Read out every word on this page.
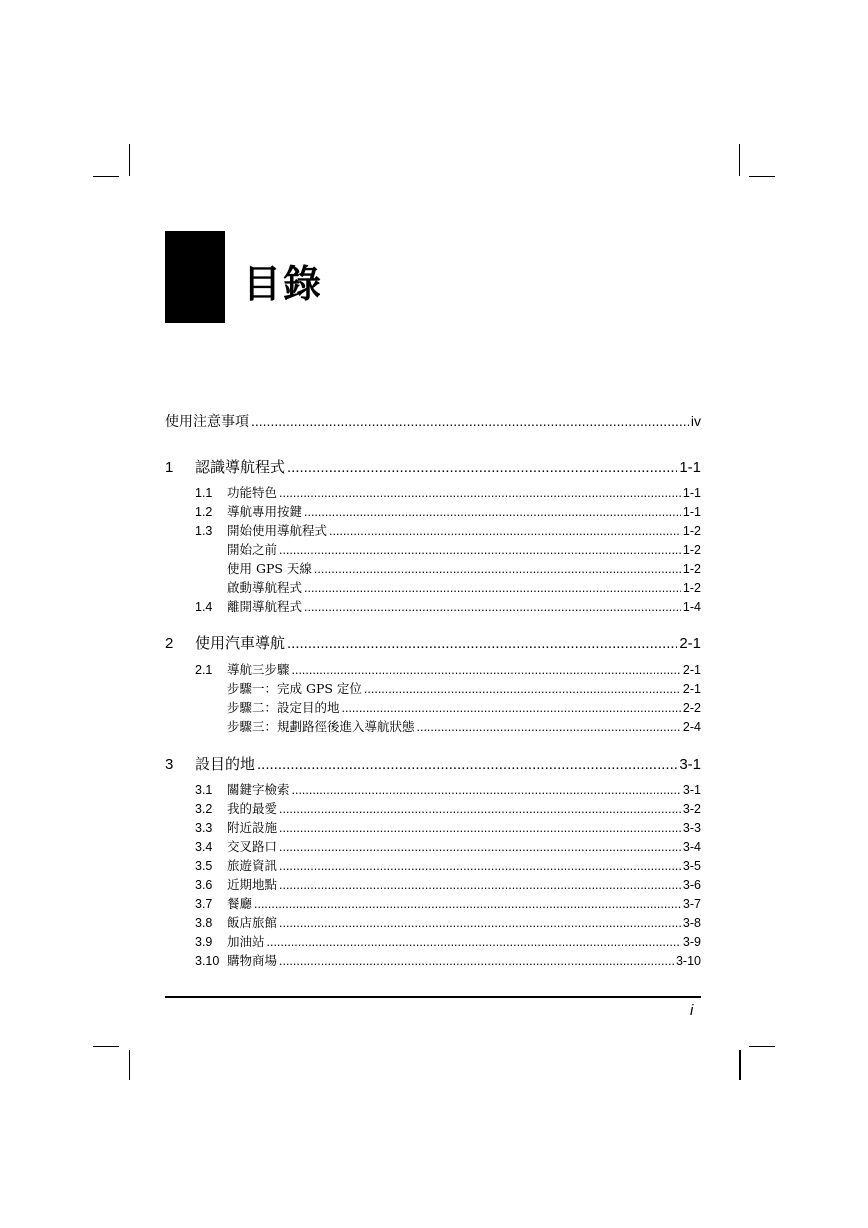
目錄
使用注意事項 .....	iv
1	認識導航程式 .....	1-1
1.1	功能特色 .....	1-1
1.2	導航專用按鍵 .....	1-1
1.3	開始使用導航程式 .....	1-2
開始之前 .....	1-2
使用 GPS 天線 .....	1-2
啟動導航程式 .....	1-2
1.4	離開導航程式 .....	1-4
2	使用汽車導航 .....	2-1
2.1	導航三步驟 .....	2-1
步驟一：完成 GPS 定位 .....	2-1
步驟二：設定目的地 .....	2-2
步驟三：規劃路徑後進入導航狀態 .....	2-4
3	設目的地 .....	3-1
3.1	關鍵字檢索 .....	3-1
3.2	我的最愛 .....	3-2
3.3	附近設施 .....	3-3
3.4	交叉路口 .....	3-4
3.5	旅遊資訊 .....	3-5
3.6	近期地點 .....	3-6
3.7	餐廳 .....	3-7
3.8	飯店旅館 .....	3-8
3.9	加油站 .....	3-9
3.10 購物商場 .....	3-10
i
